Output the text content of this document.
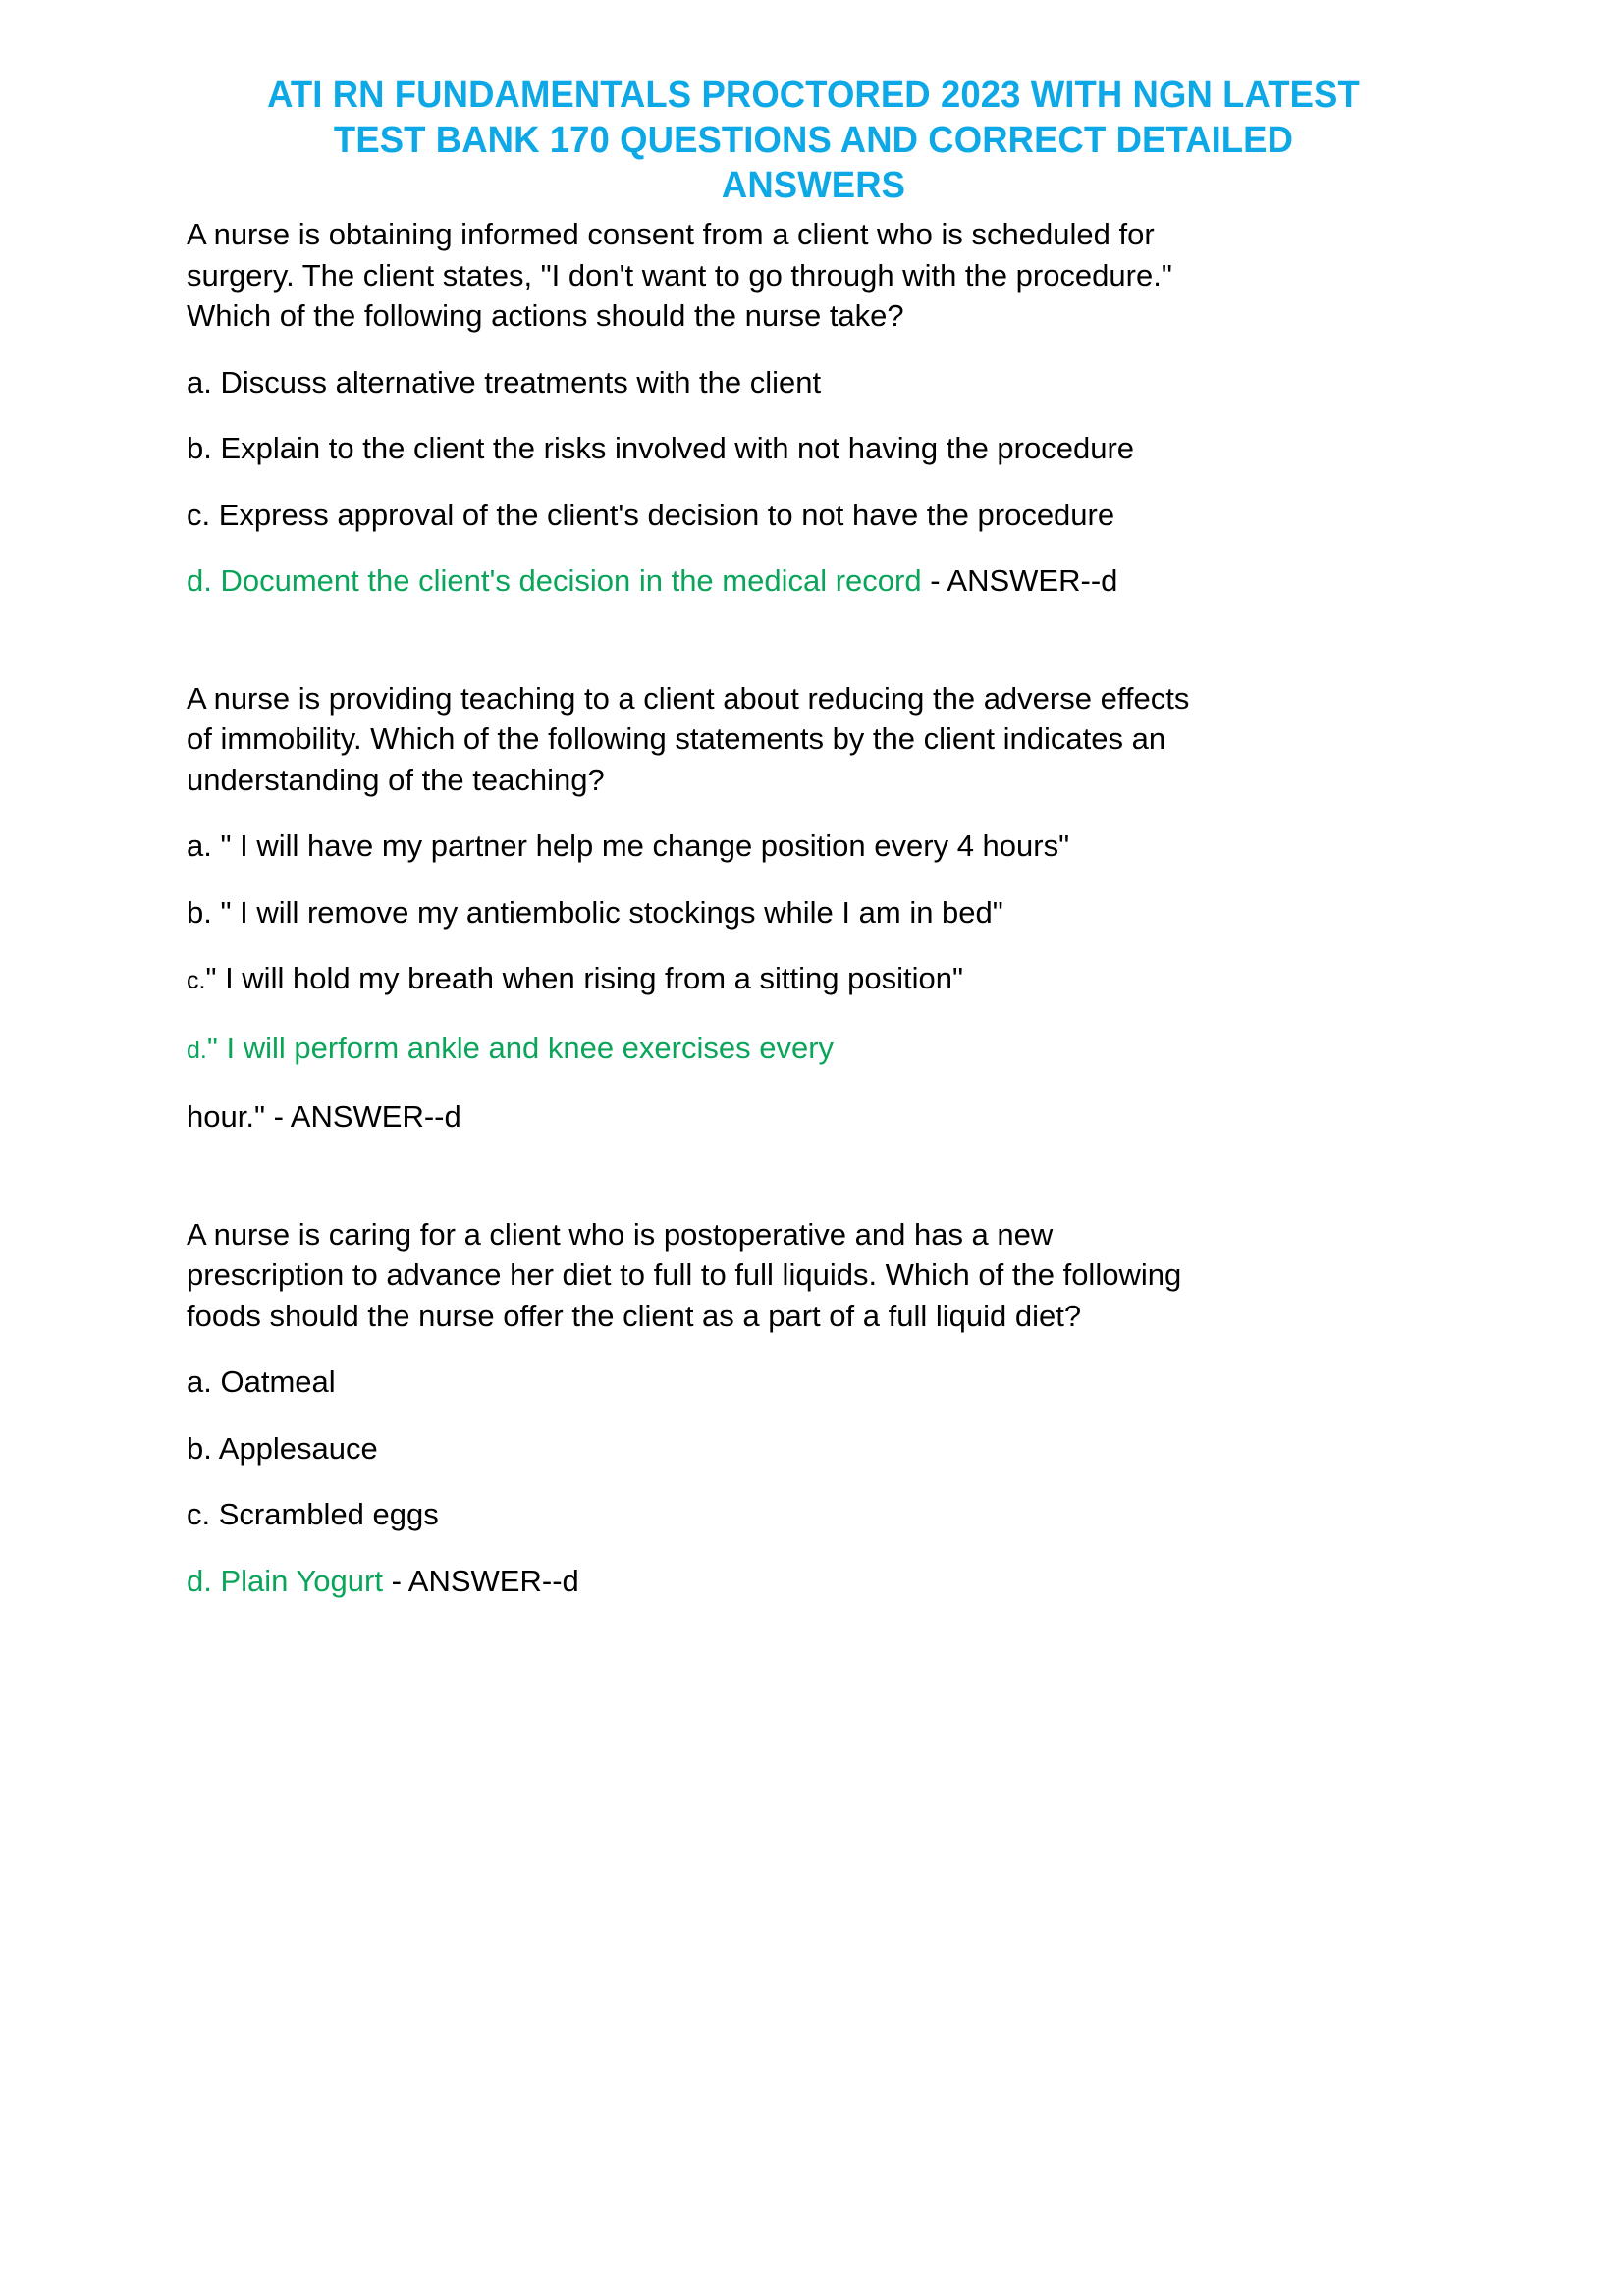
ATI RN FUNDAMENTALS PROCTORED 2023 WITH NGN LATEST
TEST BANK 170 QUESTIONS AND CORRECT DETAILED
ANSWERS

A nurse is obtaining informed consent from a client who is scheduled for
surgery. The client states, "I don't want to go through with the procedure."
Which of the following actions should the nurse take?

a. Discuss alternative treatments with the client

b. Explain to the client the risks involved with not having the procedure

c. Express approval of the client's decision to not have the procedure

d. Document the client's decision in the medical record - ANSWER--d

A nurse is providing teaching to a client about reducing the adverse effects
of immobility. Which of the following statements by the client indicates an
understanding of the teaching?

a. " I will have my partner help me change position every 4 hours"

b. " I will remove my antiembolic stockings while I am in bed"

c." I will hold my breath when rising from a sitting position"

d." I will perform ankle and knee exercises every

hour." - ANSWER--d

A nurse is caring for a client who is postoperative and has a new
prescription to advance her diet to full to full liquids. Which of the following
foods should the nurse offer the client as a part of a full liquid diet?

a. Oatmeal

b. Applesauce

c. Scrambled eggs

d. Plain Yogurt - ANSWER--d
